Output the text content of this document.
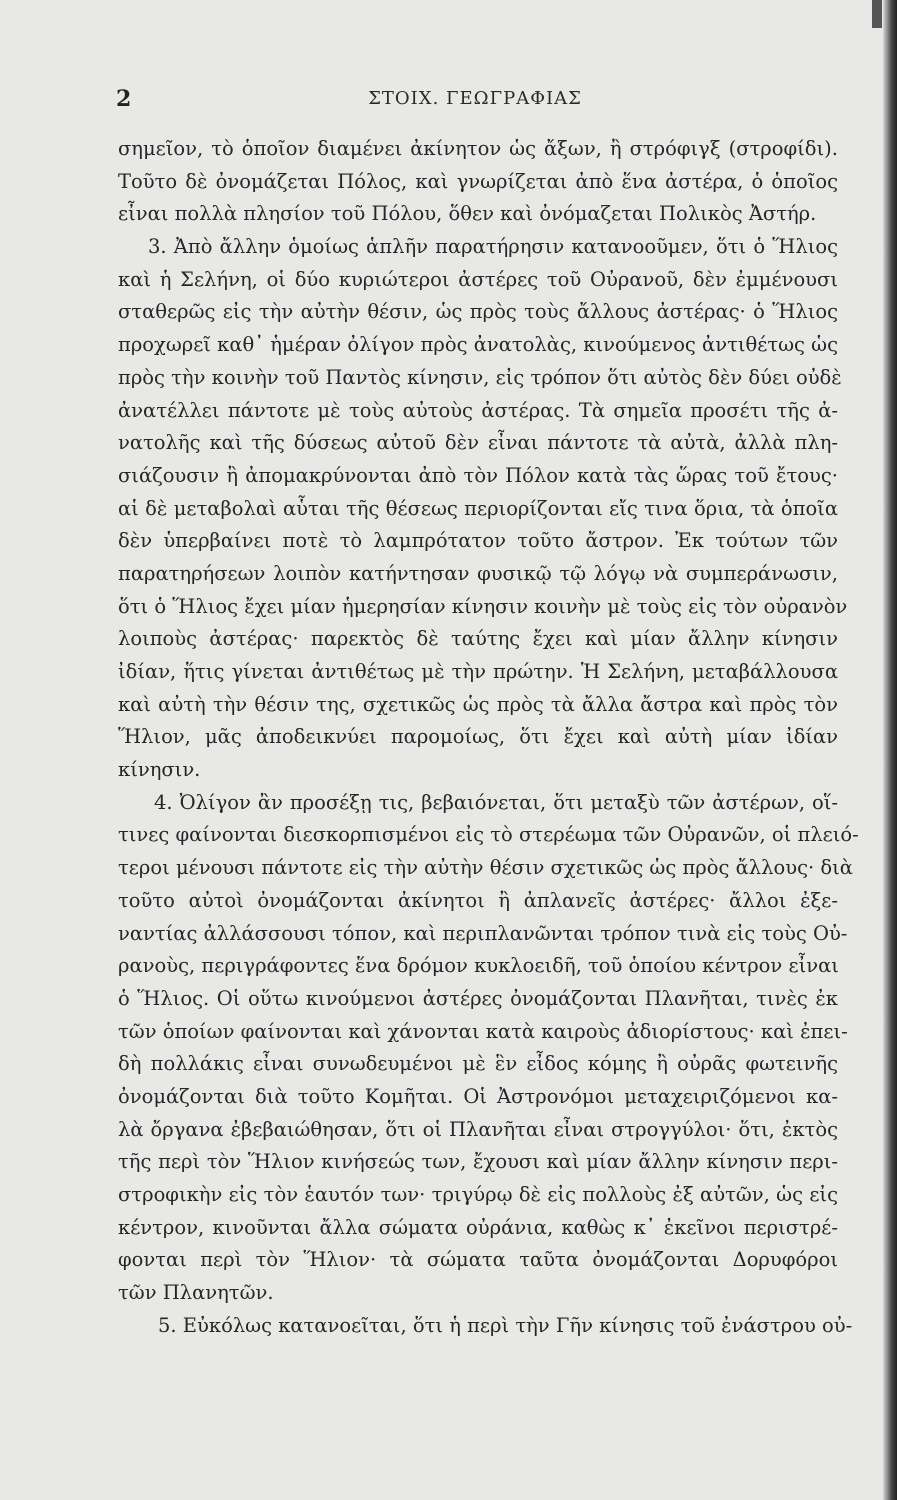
2	ΣΤΟΙΧ. ΓΕΩΓΡΑΦΙΑΣ
σημεῖον, τὸ ὁποῖον διαμένει ἀκίνητον ὡς ἄξων, ἢ στρόφιγξ (στροφίδι).
Τοῦτο δὲ ὀνομάζεται Πόλος, καὶ γνωρίζεται ἀπὸ ἕνα ἀστέρα, ὁ ὁποῖος
εἶναι πολλὰ πλησίον τοῦ Πόλου, ὅθεν καὶ ὀνόμαζεται Πολικὸς Ἀστήρ.
3. Ἀπὸ ἄλλην ὁμοίως ἁπλῆν παρατήρησιν κατανοοῦμεν, ὅτι ὁ Ἥλιος
καὶ ἡ Σελήνη, οἱ δύο κυριώτεροι ἀστέρες τοῦ Οὐρανοῦ, δὲν ἐμμένουσι
σταθερῶς εἰς τὴν αὐτὴν θέσιν, ὡς πρὸς τοὺς ἄλλους ἀστέρας· ὁ Ἥλιος
προχωρεῖ καθ᾽ ἡμέραν ὀλίγον πρὸς ἀνατολὰς, κινούμενος ἀντιθέτως ὡς
πρὸς τὴν κοινὴν τοῦ Παντὸς κίνησιν, εἰς τρόπον ὅτι αὐτὸς δὲν δύει οὐδὲ
ἀνατέλλει πάντοτε μὲ τοὺς αὐτοὺς ἀστέρας. Τὰ σημεῖα προσέτι τῆς ἀ-
νατολῆς καὶ τῆς δύσεως αὐτοῦ δὲν εἶναι πάντοτε τὰ αὐτὰ, ἀλλὰ πλη-
σιάζουσιν ἢ ἀπομακρύνονται ἀπὸ τὸν Πόλον κατὰ τὰς ὥρας τοῦ ἔτους·
αἱ δὲ μεταβολαὶ αὗται τῆς θέσεως περιορίζονται εἴς τινα ὅρια, τὰ ὁποῖα
δὲν ὑπερβαίνει ποτὲ τὸ λαμπρότατον τοῦτο ἄστρον. Ἐκ τούτων τῶν
παρατηρήσεων λοιπὸν κατήντησαν φυσικῷ τῷ λόγῳ νὰ συμπεράνωσιν,
ὅτι ὁ Ἥλιος ἔχει μίαν ἡμερησίαν κίνησιν κοινὴν μὲ τοὺς εἰς τὸν οὐρανὸν
λοιποὺς ἀστέρας· παρεκτὸς δὲ ταύτης ἔχει καὶ μίαν ἄλλην κίνησιν
ἰδίαν, ἥτις γίνεται ἀντιθέτως μὲ τὴν πρώτην. Ἡ Σελήνη, μεταβάλλουσα
καὶ αὐτὴ τὴν θέσιν της, σχετικῶς ὡς πρὸς τὰ ἄλλα ἄστρα καὶ πρὸς τὸν
Ἥλιον, μᾶς ἀποδεικνύει παρομοίως, ὅτι ἔχει καὶ αὐτὴ μίαν ἰδίαν
κίνησιν.
4. Ὀλίγον ἂν προσέξῃ τις, βεβαιόνεται, ὅτι μεταξὺ τῶν ἀστέρων, οἵ-
τινες φαίνονται διεσκορπισμένοι εἰς τὸ στερέωμα τῶν Οὐρανῶν, οἱ πλειό-
τεροι μένουσι πάντοτε εἰς τὴν αὐτὴν θέσιν σχετικῶς ὡς πρὸς ἄλλους· διὰ
τοῦτο αὐτοὶ ὀνομάζονται ἀκίνητοι ἢ ἀπλανεῖς ἀστέρες· ἄλλοι ἐξε-
ναντίας ἀλλάσσουσι τόπον, καὶ περιπλανῶνται τρόπον τινὰ εἰς τοὺς Οὐ-
ρανοὺς, περιγράφοντες ἕνα δρόμον κυκλοειδῆ, τοῦ ὁποίου κέντρον εἶναι
ὁ Ἥλιος. Οἱ οὕτω κινούμενοι ἀστέρες ὀνομάζονται Πλανῆται, τινὲς ἐκ
τῶν ὁποίων φαίνονται καὶ χάνονται κατὰ καιροὺς ἀδιορίστους· καὶ ἐπει-
δὴ πολλάκις εἶναι συνωδευμένοι μὲ ἓν εἶδος κόμης ἢ οὐρᾶς φωτεινῆς
ὀνομάζονται διὰ τοῦτο Κομῆται. Οἱ Ἀστρονόμοι μεταχειριζόμενοι κα-
λὰ ὄργανα ἐβεβαιώθησαν, ὅτι οἱ Πλανῆται εἶναι στρογγύλοι· ὅτι, ἐκτὸς
τῆς περὶ τὸν Ἥλιον κινήσεώς των, ἔχουσι καὶ μίαν ἄλλην κίνησιν περι-
στροφικὴν εἰς τὸν ἑαυτόν των· τριγύρῳ δὲ εἰς πολλοὺς ἐξ αὐτῶν, ὡς εἰς
κέντρον, κινοῦνται ἄλλα σώματα οὐράνια, καθὼς κ᾽ ἐκεῖνοι περιστρέ-
φονται περὶ τὸν Ἥλιον· τὰ σώματα ταῦτα ὀνομάζονται Δορυφόροι
τῶν Πλανητῶν.
5. Εὐκόλως κατανοεῖται, ὅτι ἡ περὶ τὴν Γῆν κίνησις τοῦ ἐνάστρου οὐ-
